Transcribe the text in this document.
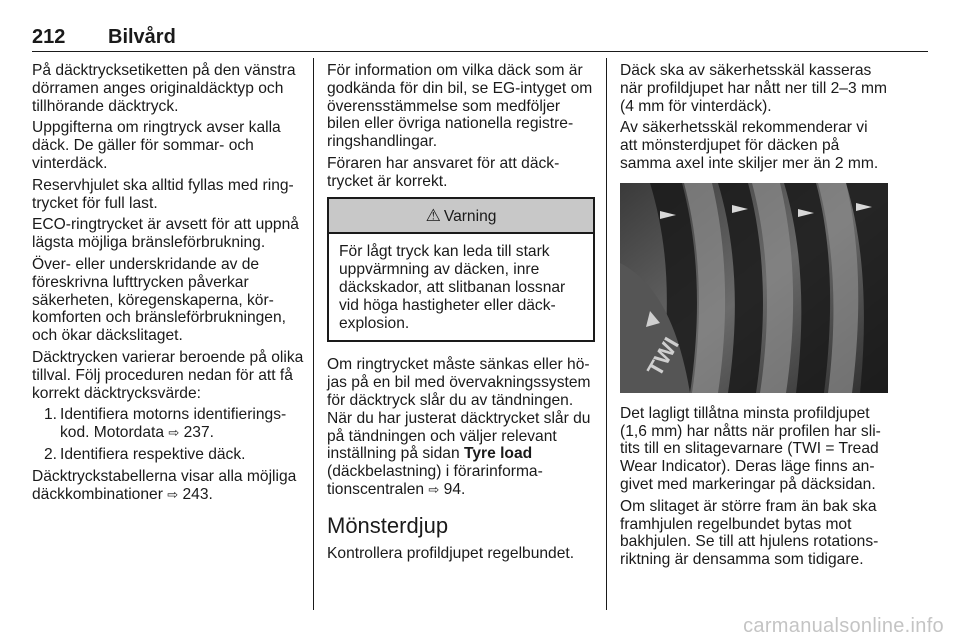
212 Bilvård

På däcktrycksetiketten på den vänstra dörramen anges originaldäcktyp och tillhörande däcktryck.

Uppgifterna om ringtryck avser kalla däck. De gäller för sommar- och vinterdäck.

Reservhjulet ska alltid fyllas med ringtrycket för full last.

ECO-ringtrycket är avsett för att uppnå lägsta möjliga bränsleförbrukning.

Över- eller underskridande av de föreskrivna lufttrycken påverkar säkerheten, köregenskaperna, körkomforten och bränsleförbrukningen, och ökar däckslitaget.

Däcktrycken varierar beroende på olika tillval. Följ proceduren nedan för att få korrekt däcktrycksvärde:

1. Identifiera motorns identifieringskod. Motordata ⇨ 237.
2. Identifiera respektive däck.

Däcktryckstabellerna visar alla möjliga däckkombinationer ⇨ 243.

För information om vilka däck som är godkända för din bil, se EG-intyget om överensstämmelse som medföljer bilen eller övriga nationella registreringshandlingar.

Föraren har ansvaret för att däcktrycket är korrekt.

⚠ Varning
För lågt tryck kan leda till stark uppvärmning av däcken, inre däckskador, att slitbanan lossnar vid höga hastigheter eller däckexplosion.

Om ringtrycket måste sänkas eller höjas på en bil med övervakningssystem för däcktryck slår du av tändningen. När du har justerat däcktrycket slår du på tändningen och väljer relevant inställning på sidan Tyre load (däckbelastning) i förarinformationscentralen ⇨ 94.

Mönsterdjup

Kontrollera profildjupet regelbundet.

Däck ska av säkerhetsskäl kasseras när profildjupet har nått ner till 2–3 mm (4 mm för vinterdäck).

Av säkerhetsskäl rekommenderar vi att mönsterdjupet för däcken på samma axel inte skiljer mer än 2 mm.

TWI

Det lagligt tillåtna minsta profildjupet (1,6 mm) har nåtts när profilen har slitits till en slitagevarnare (TWI = Tread Wear Indicator). Deras läge finns angivet med markeringar på däcksidan.

Om slitaget är större fram än bak ska framhjulen regelbundet bytas mot bakhjulen. Se till att hjulens rotationsriktning är densamma som tidigare.

carmanualsonline.info
